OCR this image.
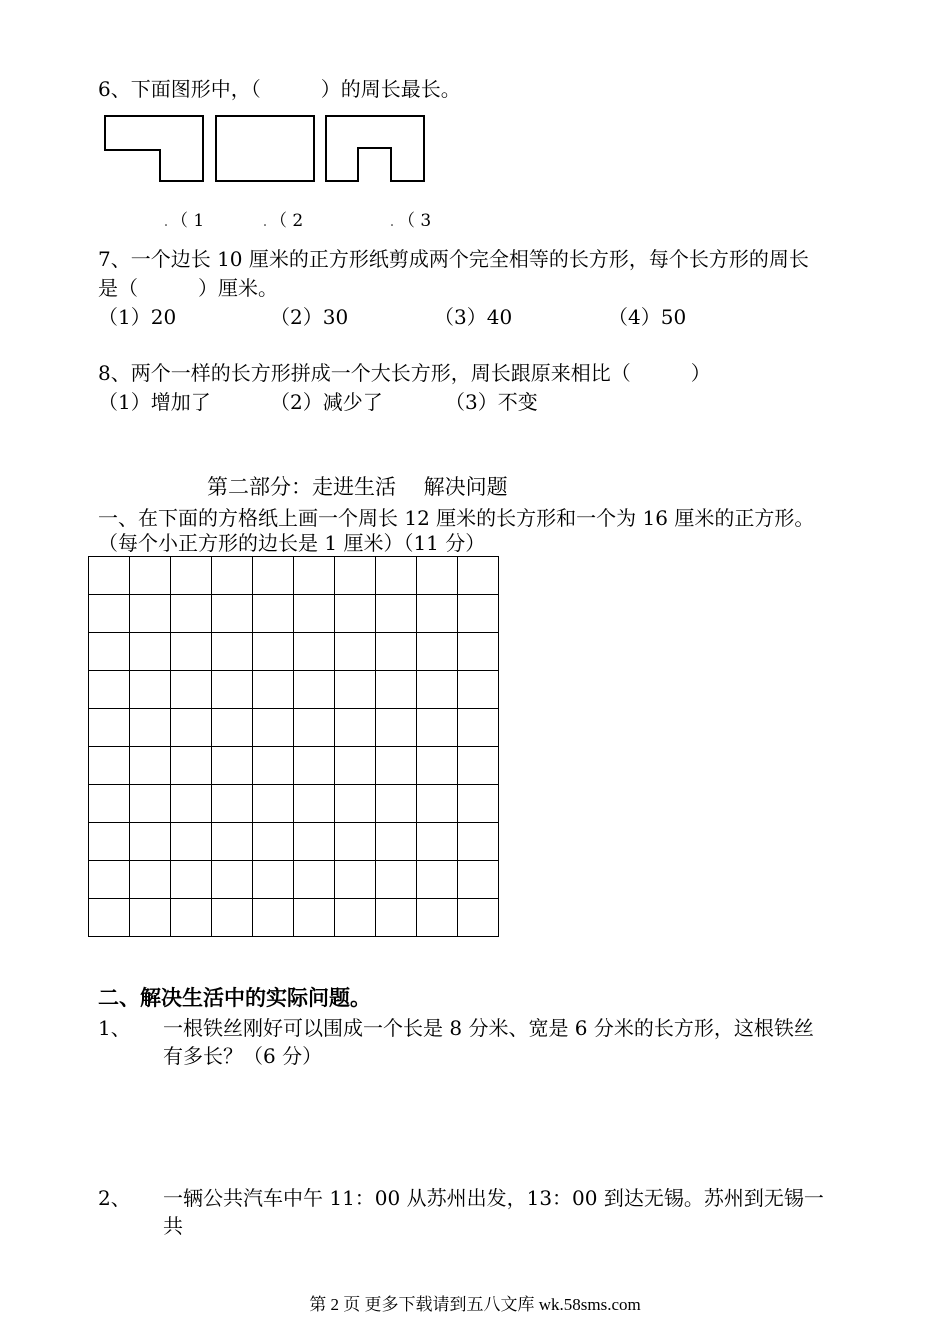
6、下面图形中，（　　　）的周长最长。
（ 1	（ 2	（ 3
7、一个边长 10 厘米的正方形纸剪成两个完全相等的长方形，每个长方形的周长
是（　　　）厘米。
（1）20	（2）30	（3）40	（4）50
8、两个一样的长方形拼成一个大长方形，周长跟原来相比（　　　）
（1）增加了	（2）减少了	（3）不变
第二部分：走进生活　 解决问题
一、在下面的方格纸上画一个周长 12 厘米的长方形和一个为 16 厘米的正方形。
（每个小正方形的边长是 1 厘米）（11 分）

二、解决生活中的实际问题。
1、 一根铁丝刚好可以围成一个长是 8 分米、宽是 6 分米的长方形，这根铁丝
有多长？（6 分）
2、 一辆公共汽车中午 11：00 从苏州出发，13：00 到达无锡。苏州到无锡一
共
第 2 页 更多下载请到五八文库 wk.58sms.com
